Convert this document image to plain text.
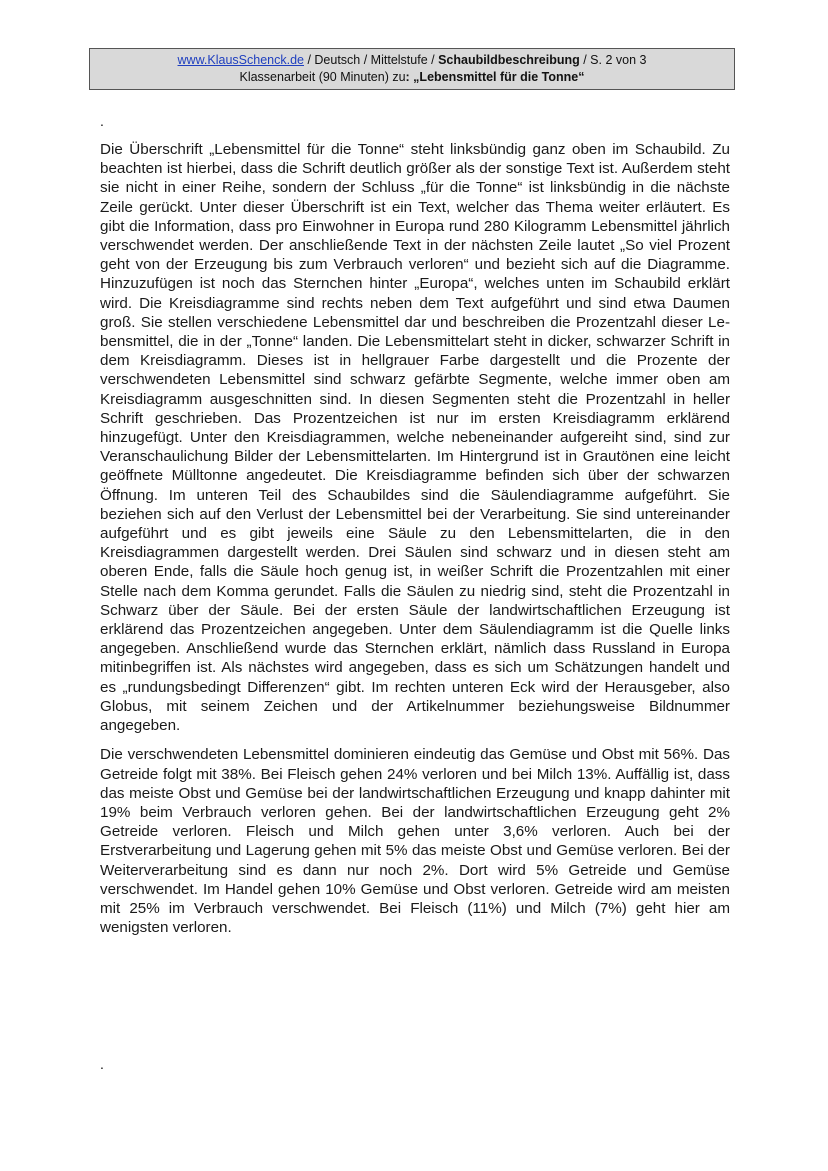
www.KlausSchenck.de / Deutsch / Mittelstufe / Schaubildbeschreibung / S. 2 von 3
Klassenarbeit (90 Minuten) zu: „Lebensmittel für die Tonne“
.

Die Überschrift „Lebensmittel für die Tonne“ steht linksbündig ganz oben im Schaubild. Zu beachten ist hierbei, dass die Schrift deutlich größer als der sonstige Text ist. Außerdem steht sie nicht in einer Reihe, sondern der Schluss „für die Tonne“ ist linksbündig in die nächste Zeile gerückt. Unter dieser Überschrift ist ein Text, welcher das Thema weiter erläutert. Es gibt die Information, dass pro Einwohner in Europa rund 280 Kilogramm Lebensmittel jährlich verschwendet werden. Der anschließende Text in der nächsten Zeile lautet „So viel Prozent geht von der Erzeugung bis zum Verbrauch verloren“ und bezieht sich auf die Diagramme. Hinzuzufügen ist noch das Sternchen hinter „Europa“, welches unten im Schaubild erklärt wird. Die Kreisdiagramme sind rechts neben dem Text aufgeführt und sind etwa Daumen groß. Sie stellen verschiedene Lebensmittel dar und beschreiben die Prozentzahl dieser Lebensmittel, die in der „Tonne“ landen. Die Lebensmittelart steht in dicker, schwarzer Schrift in dem Kreisdiagramm. Dieses ist in hellgrauer Farbe dargestellt und die Prozente der verschwendeten Lebensmittel sind schwarz gefärbte Segmente, welche immer oben am Kreisdiagramm ausgeschnitten sind. In diesen Segmenten steht die Prozentzahl in heller Schrift geschrieben. Das Prozentzeichen ist nur im ersten Kreisdiagramm erklärend hinzugefügt. Unter den Kreisdiagrammen, welche nebeneinander aufgereiht sind, sind zur Veranschaulichung Bilder der Lebensmittelarten. Im Hintergrund ist in Grautönen eine leicht geöffnete Mülltonne angedeutet. Die Kreisdiagramme befinden sich über der schwarzen Öffnung. Im unteren Teil des Schaubildes sind die Säulendiagramme aufgeführt. Sie beziehen sich auf den Verlust der Lebensmittel bei der Verarbeitung. Sie sind untereinander aufgeführt und es gibt jeweils eine Säule zu den Lebensmittelarten, die in den Kreisdiagrammen dargestellt werden. Drei Säulen sind schwarz und in diesen steht am oberen Ende, falls die Säule hoch genug ist, in weißer Schrift die Prozentzahlen mit einer Stelle nach dem Komma gerundet. Falls die Säulen zu niedrig sind, steht die Prozentzahl in Schwarz über der Säule. Bei der ersten Säule der landwirtschaftlichen Erzeugung ist erklärend das Prozentzeichen angegeben. Unter dem Säulendiagramm ist die Quelle links angegeben. Anschließend wurde das Sternchen erklärt, nämlich dass Russland in Europa mitinbegriffen ist. Als nächstes wird angegeben, dass es sich um Schätzungen handelt und es „rundungsbedingt Differenzen“ gibt. Im rechten unteren Eck wird der Herausgeber, also Globus, mit seinem Zeichen und der Artikelnummer beziehungsweise Bildnummer angegeben.

Die verschwendeten Lebensmittel dominieren eindeutig das Gemüse und Obst mit 56%. Das Getreide folgt mit 38%. Bei Fleisch gehen 24% verloren und bei Milch 13%. Auffällig ist, dass das meiste Obst und Gemüse bei der landwirtschaftlichen Erzeugung und knapp dahinter mit 19% beim Verbrauch verloren gehen. Bei der landwirtschaftlichen Erzeugung geht 2% Getreide verloren. Fleisch und Milch gehen unter 3,6% verloren. Auch bei der Erstverarbeitung und Lagerung gehen mit 5% das meiste Obst und Gemüse verloren. Bei der Weiterverarbeitung sind es dann nur noch 2%. Dort wird 5% Getreide und Gemüse verschwendet. Im Handel gehen 10% Gemüse und Obst verloren. Getreide wird am meisten mit 25% im Verbrauch verschwendet. Bei Fleisch (11%) und Milch (7%) geht hier am wenigsten verloren.

.
